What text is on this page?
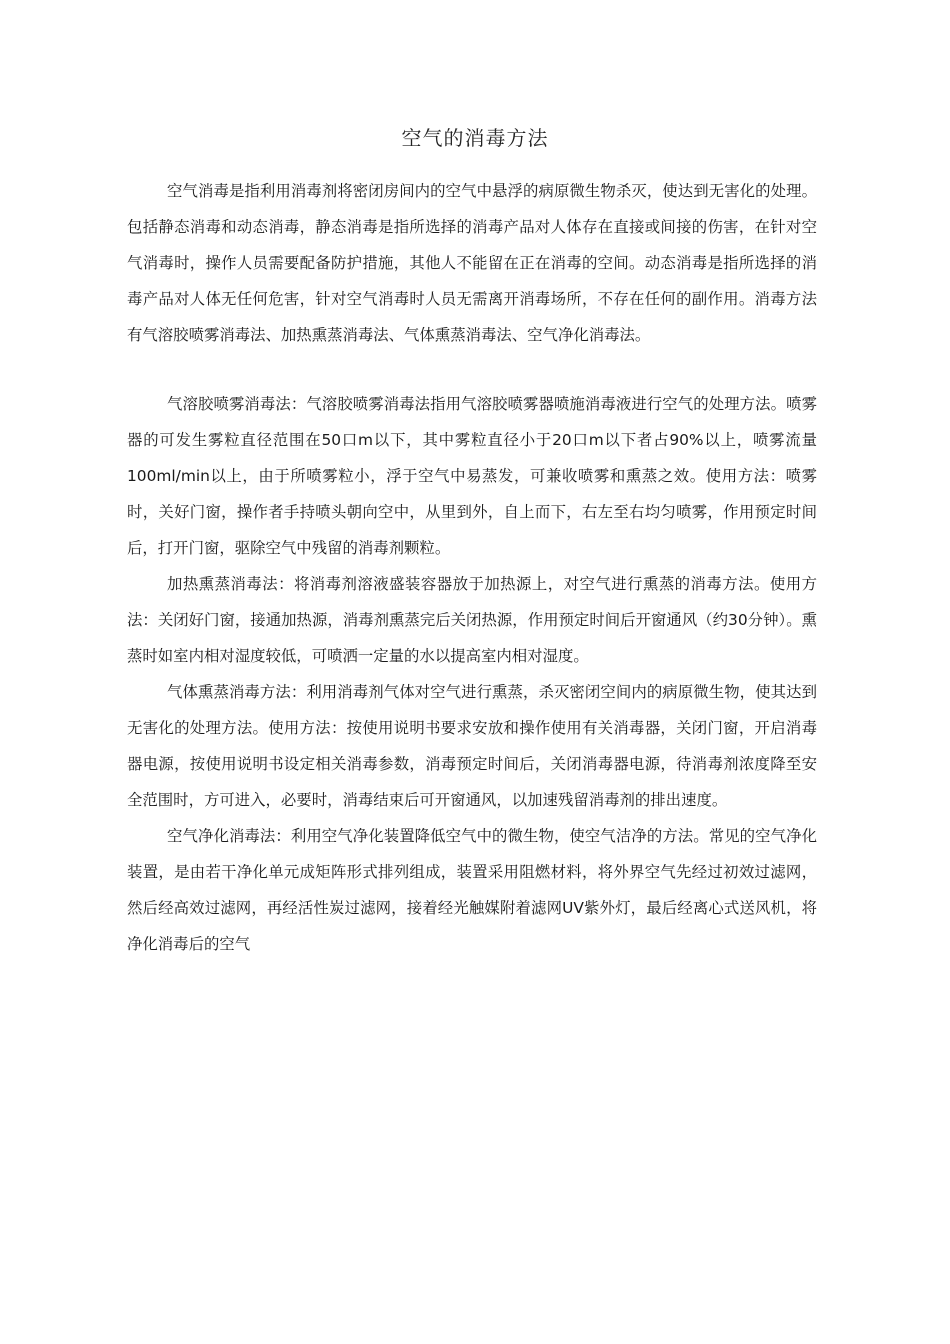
空气的消毒方法

空气消毒是指利用消毒剂将密闭房间内的空气中悬浮的病原微生物杀灭，使达到无害化的处理。包括静态消毒和动态消毒，静态消毒是指所选择的消毒产品对人体存在直接或间接的伤害，在针对空气消毒时，操作人员需要配备防护措施，其他人不能留在正在消毒的空间。动态消毒是指所选择的消毒产品对人体无任何危害，针对空气消毒时人员无需离开消毒场所，不存在任何的副作用。消毒方法有气溶胶喷雾消毒法、加热熏蒸消毒法、气体熏蒸消毒法、空气净化消毒法。

气溶胶喷雾消毒法：气溶胶喷雾消毒法指用气溶胶喷雾器喷施消毒液进行空气的处理方法。喷雾器的可发生雾粒直径范围在50口m以下，其中雾粒直径小于20口m以下者占90%以上，喷雾流量100ml/min以上，由于所喷雾粒小，浮于空气中易蒸发，可兼收喷雾和熏蒸之效。使用方法：喷雾时，关好门窗，操作者手持喷头朝向空中，从里到外，自上而下，右左至右均匀喷雾，作用预定时间后，打开门窗，驱除空气中残留的消毒剂颗粒。

加热熏蒸消毒法：将消毒剂溶液盛装容器放于加热源上，对空气进行熏蒸的消毒方法。使用方法：关闭好门窗，接通加热源，消毒剂熏蒸完后关闭热源，作用预定时间后开窗通风（约30分钟）。熏蒸时如室内相对湿度较低，可喷洒一定量的水以提高室内相对湿度。

气体熏蒸消毒方法：利用消毒剂气体对空气进行熏蒸，杀灭密闭空间内的病原微生物，使其达到无害化的处理方法。使用方法：按使用说明书要求安放和操作使用有关消毒器，关闭门窗，开启消毒器电源，按使用说明书设定相关消毒参数，消毒预定时间后，关闭消毒器电源，待消毒剂浓度降至安全范围时，方可进入，必要时，消毒结束后可开窗通风，以加速残留消毒剂的排出速度。

空气净化消毒法：利用空气净化装置降低空气中的微生物，使空气洁净的方法。常见的空气净化装置，是由若干净化单元成矩阵形式排列组成，装置采用阻燃材料，将外界空气先经过初效过滤网，然后经高效过滤网，再经活性炭过滤网，接着经光触媒附着滤网UV紫外灯，最后经离心式送风机，将净化消毒后的空气
